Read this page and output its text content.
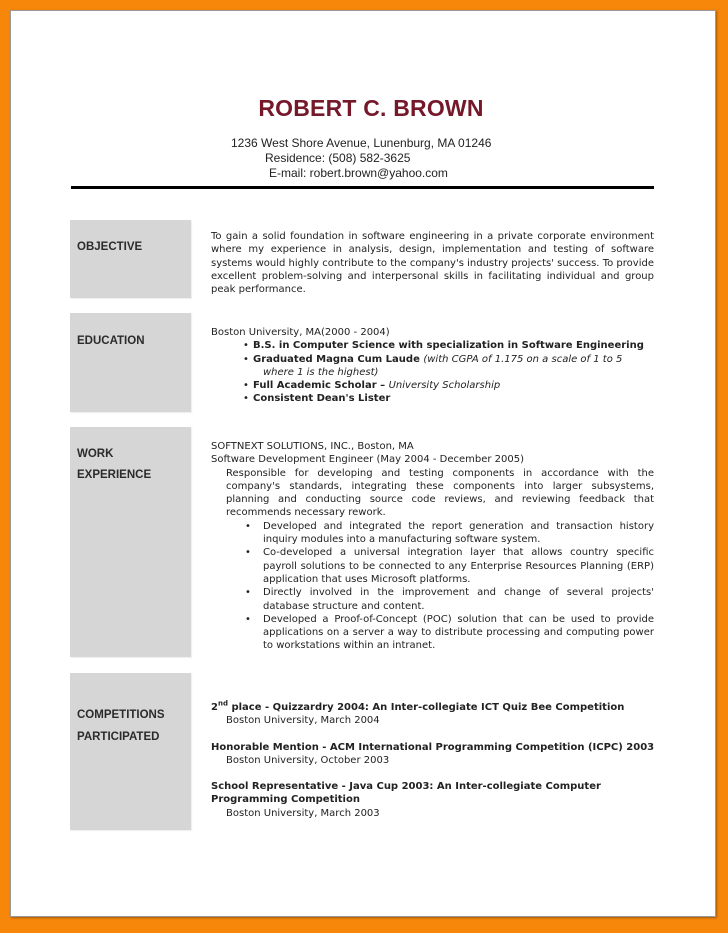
ROBERT C. BROWN
1236 West Shore Avenue, Lunenburg, MA 01246
Residence: (508) 582-3625
E-mail: robert.brown@yahoo.com
OBJECTIVE
To gain a solid foundation in software engineering in a private corporate environment where my experience in analysis, design, implementation and testing of software systems would highly contribute to the company's industry projects' success. To provide excellent problem-solving and interpersonal skills in facilitating individual and group peak performance.
EDUCATION
Boston University, MA(2000 - 2004)
• B.S. in Computer Science with specialization in Software Engineering
• Graduated Magna Cum Laude (with CGPA of 1.175 on a scale of 1 to 5
where 1 is the highest)
• Full Academic Scholar – University Scholarship
• Consistent Dean's Lister
WORK
EXPERIENCE
SOFTNEXT SOLUTIONS, INC., Boston, MA
Software Development Engineer (May 2004 - December 2005)
Responsible for developing and testing components in accordance with the company's standards, integrating these components into larger subsystems, planning and conducting source code reviews, and reviewing feedback that recommends necessary rework.
• Developed and integrated the report generation and transaction history inquiry modules into a manufacturing software system.
• Co-developed a universal integration layer that allows country specific payroll solutions to be connected to any Enterprise Resources Planning (ERP) application that uses Microsoft platforms.
• Directly involved in the improvement and change of several projects' database structure and content.
• Developed a Proof-of-Concept (POC) solution that can be used to provide applications on a server a way to distribute processing and computing power to workstations within an intranet.
COMPETITIONS
PARTICIPATED
2nd place - Quizzardry 2004: An Inter-collegiate ICT Quiz Bee Competition
Boston University, March 2004
Honorable Mention - ACM International Programming Competition (ICPC) 2003
Boston University, October 2003
School Representative - Java Cup 2003: An Inter-collegiate Computer
Programming Competition
Boston University, March 2003
